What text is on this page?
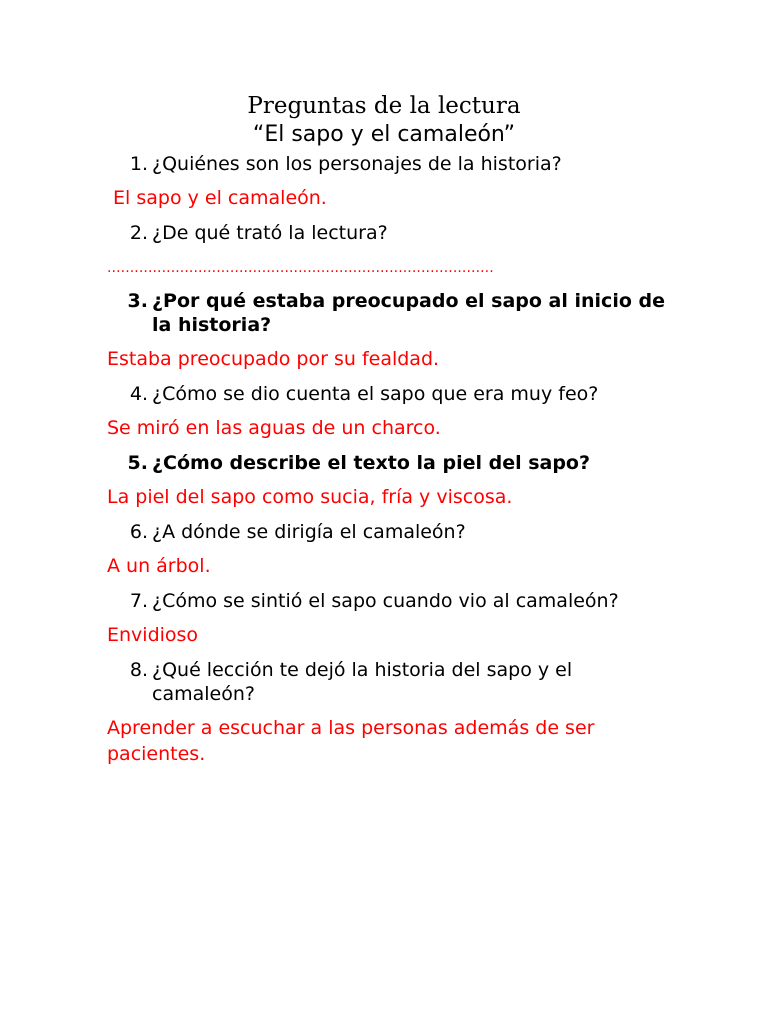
Preguntas de la lectura
“El sapo y el camaleón”
1. ¿Quiénes son los personajes de la historia?
El sapo y el camaleón.
2. ¿De qué trató la lectura?
.....................................................................................
3. ¿Por qué estaba preocupado el sapo al inicio de la historia?
Estaba preocupado por su fealdad.
4. ¿Cómo se dio cuenta el sapo que era muy feo?
Se miró en las aguas de un charco.
5. ¿Cómo describe el texto la piel del sapo?
La piel del sapo como sucia, fría y viscosa.
6. ¿A dónde se dirigía el camaleón?
A un árbol.
7. ¿Cómo se sintió el sapo cuando vio al camaleón?
Envidioso
8. ¿Qué lección te dejó la historia del sapo y el camaleón?
Aprender a escuchar a las personas además de ser pacientes.
